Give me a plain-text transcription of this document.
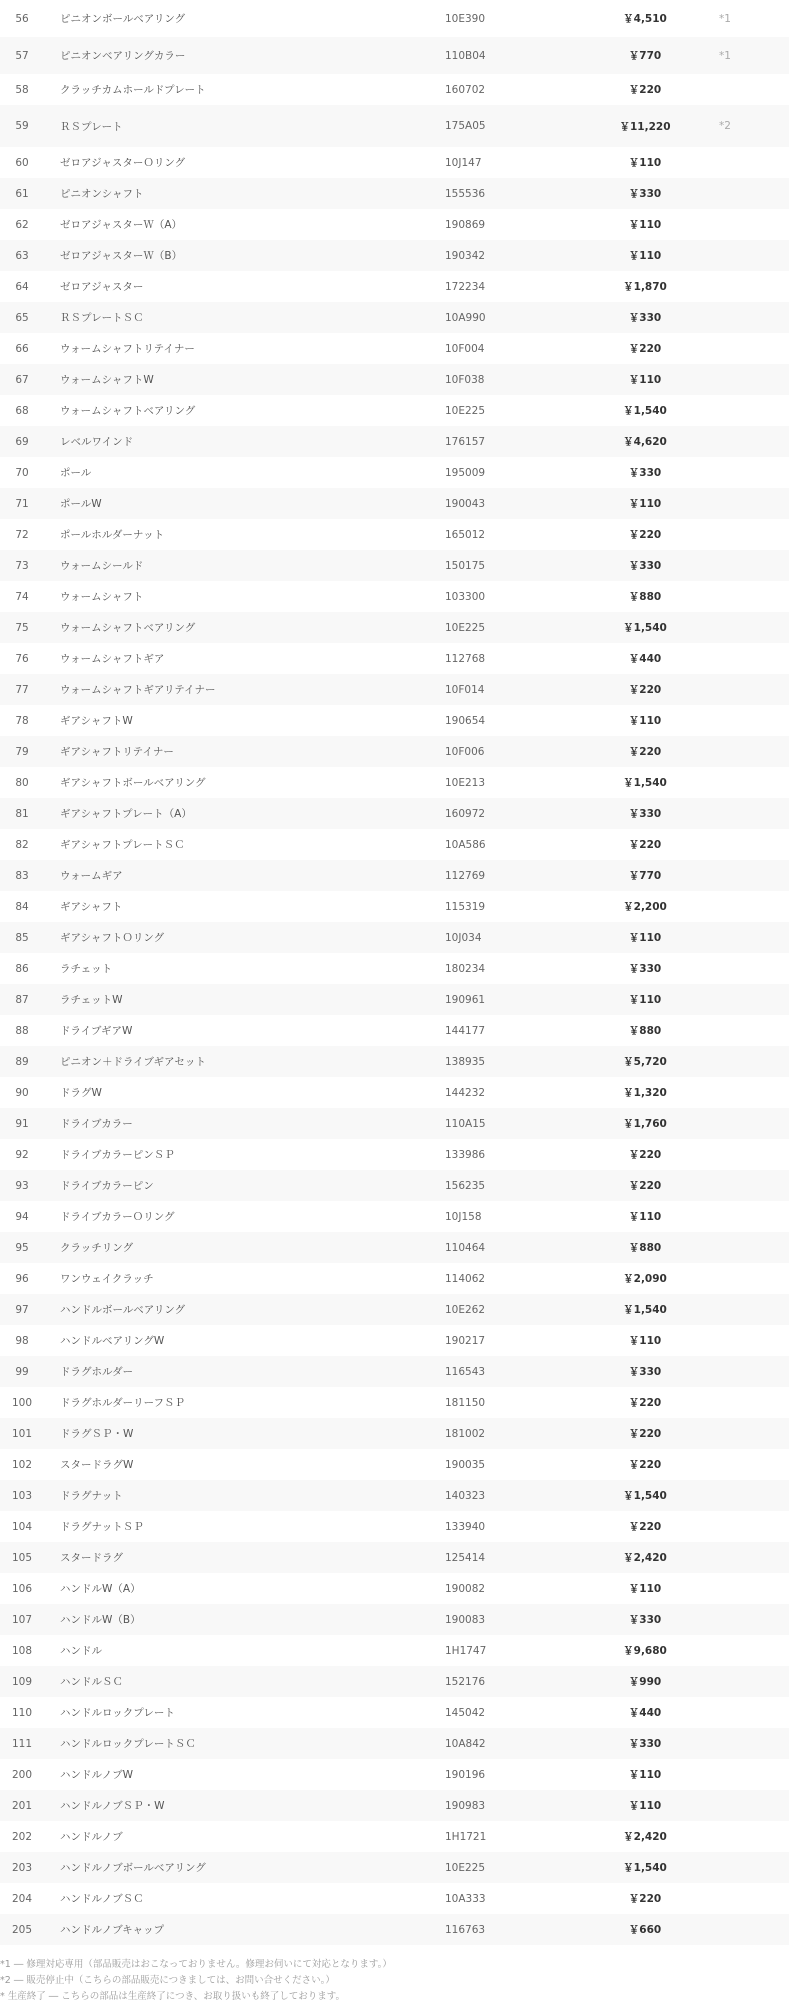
56	ピニオンボールベアリング	10E390	￥4,510	*1
57	ピニオンベアリングカラー	110B04	￥770	*1
58	クラッチカムホールドプレート	160702	￥220	
59	ＲＳプレート	175A05	￥11,220	*2
60	ゼロアジャスターＯリング	10J147	￥110	
61	ピニオンシャフト	155536	￥330	
62	ゼロアジャスターＷ（A）	190869	￥110	
63	ゼロアジャスターＷ（B）	190342	￥110	
64	ゼロアジャスター	172234	￥1,870	
65	ＲＳプレートＳＣ	10A990	￥330	
66	ウォームシャフトリテイナー	10F004	￥220	
67	ウォームシャフトW	10F038	￥110	
68	ウォームシャフトベアリング	10E225	￥1,540	
69	レベルワインド	176157	￥4,620	
70	ポール	195009	￥330	
71	ポールW	190043	￥110	
72	ポールホルダーナット	165012	￥220	
73	ウォームシールド	150175	￥330	
74	ウォームシャフト	103300	￥880	
75	ウォームシャフトベアリング	10E225	￥1,540	
76	ウォームシャフトギア	112768	￥440	
77	ウォームシャフトギアリテイナー	10F014	￥220	
78	ギアシャフトW	190654	￥110	
79	ギアシャフトリテイナー	10F006	￥220	
80	ギアシャフトボールベアリング	10E213	￥1,540	
81	ギアシャフトプレート（A）	160972	￥330	
82	ギアシャフトプレートＳＣ	10A586	￥220	
83	ウォームギア	112769	￥770	
84	ギアシャフト	115319	￥2,200	
85	ギアシャフトＯリング	10J034	￥110	
86	ラチェット	180234	￥330	
87	ラチェットW	190961	￥110	
88	ドライブギアW	144177	￥880	
89	ピニオン＋ドライブギアセット	138935	￥5,720	
90	ドラグW	144232	￥1,320	
91	ドライブカラー	110A15	￥1,760	
92	ドライブカラーピンＳＰ	133986	￥220	
93	ドライブカラーピン	156235	￥220	
94	ドライブカラーＯリング	10J158	￥110	
95	クラッチリング	110464	￥880	
96	ワンウェイクラッチ	114062	￥2,090	
97	ハンドルボールベアリング	10E262	￥1,540	
98	ハンドルベアリングW	190217	￥110	
99	ドラグホルダー	116543	￥330	
100	ドラグホルダーリーフＳＰ	181150	￥220	
101	ドラグＳＰ・W	181002	￥220	
102	スタードラグW	190035	￥220	
103	ドラグナット	140323	￥1,540	
104	ドラグナットＳＰ	133940	￥220	
105	スタードラグ	125414	￥2,420	
106	ハンドルW（A）	190082	￥110	
107	ハンドルW（B）	190083	￥330	
108	ハンドル	1H1747	￥9,680	
109	ハンドルＳＣ	152176	￥990	
110	ハンドルロックプレート	145042	￥440	
111	ハンドルロックプレートＳＣ	10A842	￥330	
200	ハンドルノブW	190196	￥110	
201	ハンドルノブＳＰ・W	190983	￥110	
202	ハンドルノブ	1H1721	￥2,420	
203	ハンドルノブボールベアリング	10E225	￥1,540	
204	ハンドルノブＳＣ	10A333	￥220	
205	ハンドルノブキャップ	116763	￥660	
*1 ― 修理対応専用（部品販売はおこなっておりません。修理お伺いにて対応となります。）
*2 ― 販売停止中（こちらの部品販売につきましては、お問い合せください。）
* 生産終了 ― こちらの部品は生産終了につき、お取り扱いも終了しております。
